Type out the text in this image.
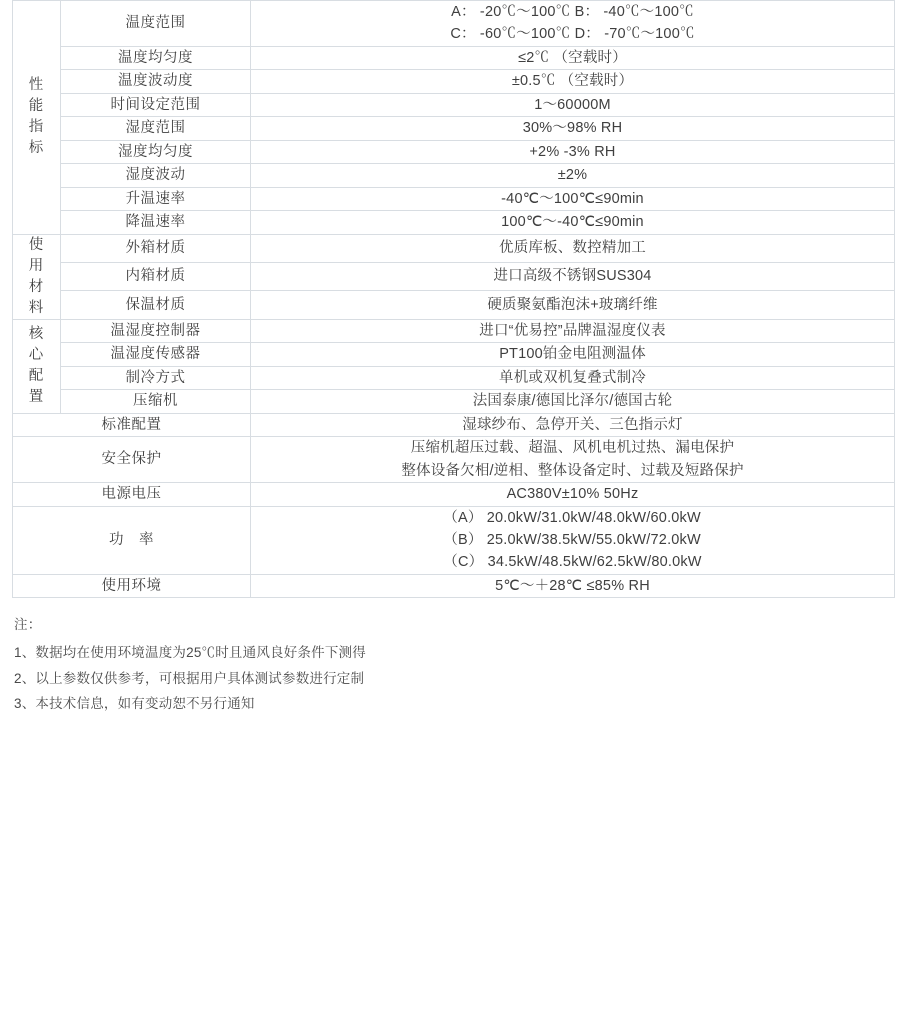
性
能
指
标	温度范围	A： -20℃～100℃ B： -40℃～100℃
C： -60℃～100℃ D： -70℃～100℃

	温度均匀度	≤2℃ （空载时）
	温度波动度	±0.5℃ （空载时）
	时间设定范围	1～60000M
	湿度范围	30%～98% RH
	湿度均匀度	+2% -3% RH
	湿度波动	±2%
	升温速率	-40℃～100℃≤90min
	降温速率	100℃～-40℃≤90min

使
用
材
料	外箱材质	优质库板、数控精加工
	内箱材质	进口高级不锈钢SUS304
	保温材质	硬质聚氨酯泡沫+玻璃纤维

核
心
配
置	温湿度控制器	进口“优易控”品牌温湿度仪表
	温湿度传感器	PT100铂金电阻测温体
	制冷方式	单机或双机复叠式制冷
	压缩机	法国泰康/德国比泽尔/德国古轮
标准配置		湿球纱布、急停开关、三色指示灯
安全保护		压缩机超压过载、超温、风机电机过热、漏电保护
整体设备欠相/逆相、整体设备定时、过载及短路保护

电源电压		AC380V±10% 50Hz
功　率		（A） 20.0kW/31.0kW/48.0kW/60.0kW
（B） 25.0kW/38.5kW/55.0kW/72.0kW
（C） 34.5kW/48.5kW/62.5kW/80.0kW

使用环境		5℃～＋28℃ ≤85% RH
注：
1、数据均在使用环境温度为25℃时且通风良好条件下测得
2、以上参数仅供参考，可根据用户具体测试参数进行定制
3、本技术信息，如有变动恕不另行通知
